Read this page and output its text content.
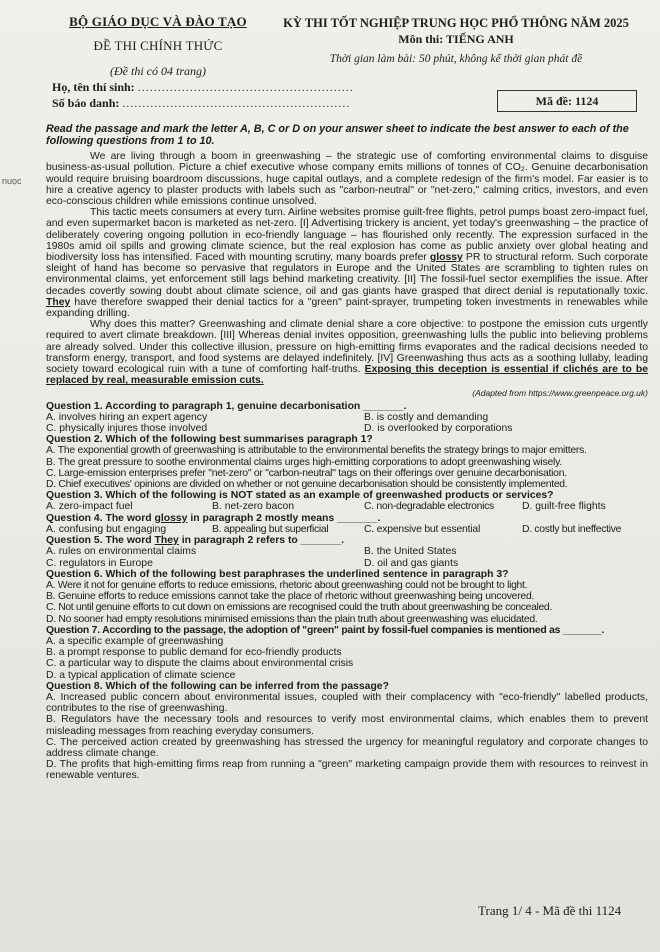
BỘ GIÁO DỤC VÀ ĐÀO TẠO
ĐỀ THI CHÍNH THỨC
(Đề thi có 04 trang)
KỲ THI TỐT NGHIỆP TRUNG HỌC PHỔ THÔNG NĂM 2025
Môn thi: TIẾNG ANH
Thời gian làm bài: 50 phút, không kể thời gian phát đề
Họ, tên thí sinh: ......................................................
Số báo danh: .........................................................	Mã đề: 1124
nuọc
Read the passage and mark the letter A, B, C or D on your answer sheet to indicate the best answer to each of the following questions from 1 to 10.

We are living through a boom in greenwashing – the strategic use of comforting environmental claims to disguise business-as-usual pollution. Picture a chief executive whose company emits millions of tonnes of CO₂. Genuine decarbonisation would require bruising boardroom discussions, huge capital outlays, and a complete redesign of the firm's model. Far easier is to hire a creative agency to plaster products with labels such as "carbon-neutral" or "net-zero," calming critics, investors, and even eco-conscious children while emissions continue unsolved.

This tactic meets consumers at every turn. Airline websites promise guilt-free flights, petrol pumps boast zero-impact fuel, and even supermarket bacon is marketed as net-zero. [I] Advertising trickery is ancient, yet today's greenwashing – the practice of deliberately covering ongoing pollution in eco-friendly language – has flourished only recently. The expression surfaced in the 1980s amid oil spills and growing climate science, but the real explosion has come as public anxiety over global heating and biodiversity loss has intensified. Faced with mounting scrutiny, many boards prefer glossy PR to structural reform. Such corporate sleight of hand has become so pervasive that regulators in Europe and the United States are scrambling to tighten rules on environmental claims, yet enforcement still lags behind marketing creativity. [II] The fossil-fuel sector exemplifies the issue. After decades covertly sowing doubt about climate science, oil and gas giants have grasped that direct denial is reputationally toxic. They have therefore swapped their denial tactics for a "green" paint-sprayer, trumpeting token investments in renewables while expanding drilling.

Why does this matter? Greenwashing and climate denial share a core objective: to postpone the emission cuts urgently required to avert climate breakdown. [III] Whereas denial invites opposition, greenwashing lulls the public into believing problems are already solved. Under this collective illusion, pressure on high-emitting firms evaporates and the radical decisions needed to transform energy, transport, and food systems are delayed indefinitely. [IV] Greenwashing thus acts as a soothing lullaby, leading society toward ecological ruin with a tune of comforting half-truths. Exposing this deception is essential if clichés are to be replaced by real, measurable emission cuts.

(Adapted from https://www.greenpeace.org.uk)
Question 1. According to paragraph 1, genuine decarbonisation _______.
A. involves hiring an expert agency	B. is costly and demanding
C. physically injures those involved	D. is overlooked by corporations
Question 2. Which of the following best summarises paragraph 1?
A. The exponential growth of greenwashing is attributable to the environmental benefits the strategy brings to major emitters.
B. The great pressure to soothe environmental claims urges high-emitting corporations to adopt greenwashing wisely.
C. Large-emission enterprises prefer "net-zero" or "carbon-neutral" tags on their offerings over genuine decarbonisation.
D. Chief executives' opinions are divided on whether or not genuine decarbonisation should be consistently implemented.
Question 3. Which of the following is NOT stated as an example of greenwashed products or services?
A. zero-impact fuel	B. net-zero bacon	C. non-degradable electronics	D. guilt-free flights
Question 4. The word glossy in paragraph 2 mostly means _______.
A. confusing but engaging	B. appealing but superficial	C. expensive but essential	D. costly but ineffective
Question 5. The word They in paragraph 2 refers to _______.
A. rules on environmental claims	B. the United States
C. regulators in Europe	D. oil and gas giants
Question 6. Which of the following best paraphrases the underlined sentence in paragraph 3?
A. Were it not for genuine efforts to reduce emissions, rhetoric about greenwashing could not be brought to light.
B. Genuine efforts to reduce emissions cannot take the place of rhetoric without greenwashing being uncovered.
C. Not until genuine efforts to cut down on emissions are recognised could the truth about greenwashing be concealed.
D. No sooner had empty resolutions minimised emissions than the plain truth about greenwashing was elucidated.
Question 7. According to the passage, the adoption of "green" paint by fossil-fuel companies is mentioned as _______.
A. a specific example of greenwashing
B. a prompt response to public demand for eco-friendly products
C. a particular way to dispute the claims about environmental crisis
D. a typical application of climate science
Question 8. Which of the following can be inferred from the passage?
A. Increased public concern about environmental issues, coupled with their complacency with "eco-friendly" labelled products, contributes to the rise of greenwashing.
B. Regulators have the necessary tools and resources to verify most environmental claims, which enables them to prevent misleading messages from reaching everyday consumers.
C. The perceived action created by greenwashing has stressed the urgency for meaningful regulatory and corporate changes to address climate change.
D. The profits that high-emitting firms reap from running a "green" marketing campaign provide them with resources to reinvest in renewable ventures.
Trang 1/ 4 - Mã đề thi 1124
